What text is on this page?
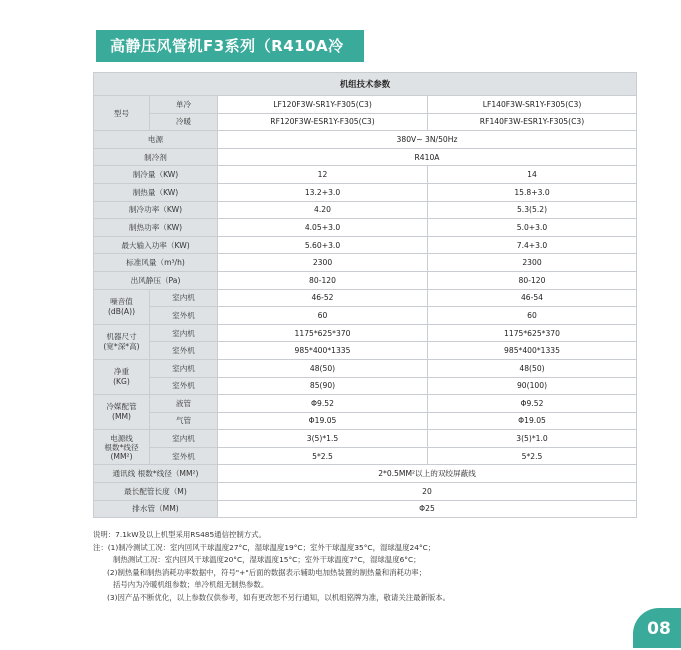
高静压风管机F3系列（R410A冷
机组技术参数			
型号	单冷	LF120F3W-SR1Y-F305(C3)	LF140F3W-SR1Y-F305(C3)
	冷暖	RF120F3W-ESR1Y-F305(C3)	RF140F3W-ESR1Y-F305(C3)
电源		380V~ 3N/50Hz	
制冷剂		R410A	
制冷量（KW)		12	14
制热量（KW)		13.2+3.0	15.8+3.0
制冷功率（KW)		4.20	5.3(5.2)
制热功率（KW)		4.05+3.0	5.0+3.0
最大输入功率（KW)		5.60+3.0	7.4+3.0
标准风量（m³/h)		2300	2300
出风静压（Pa)		80-120	80-120
噪音值
(dB(A))	室内机	46-52	46-54
	室外机	60	60
机器尺寸
(宽*深*高)	室内机	1175*625*370	1175*625*370
	室外机	985*400*1335	985*400*1335
净重
(KG)	室内机	48(50)	48(50)
	室外机	85(90)	90(100)
冷媒配管
(MM)	液管	Φ9.52	Φ9.52
	气管	Φ19.05	Φ19.05
电源线
根数*线径
(MM²)	室内机	3(5)*1.5	3(5)*1.0
	室外机	5*2.5	5*2.5
通讯线 根数*线径（MM²)		2*0.5MM²以上的双绞屏蔽线	
最长配管长度（M)		20	
排水管（MM)		Φ25	
说明：7.1kW及以上机型采用RS485通信控制方式。
注：(1)制冷测试工况：室内回风干球温度27°C，湿球温度19°C；室外干球温度35°C，湿球温度24°C；
制热测试工况：室内回风干球温度20°C，湿球温度15°C；室外干球温度7°C，湿球温度6°C；
(2)制热量和制热消耗功率数据中，符号"+"后面的数据表示辅助电加热装置的制热量和消耗功率；
括号内为冷暖机组参数；单冷机组无制热参数。
(3)因产品不断优化，以上参数仅供参考，如有更改恕不另行通知，以机组铭牌为准，敬请关注最新版本。
08
